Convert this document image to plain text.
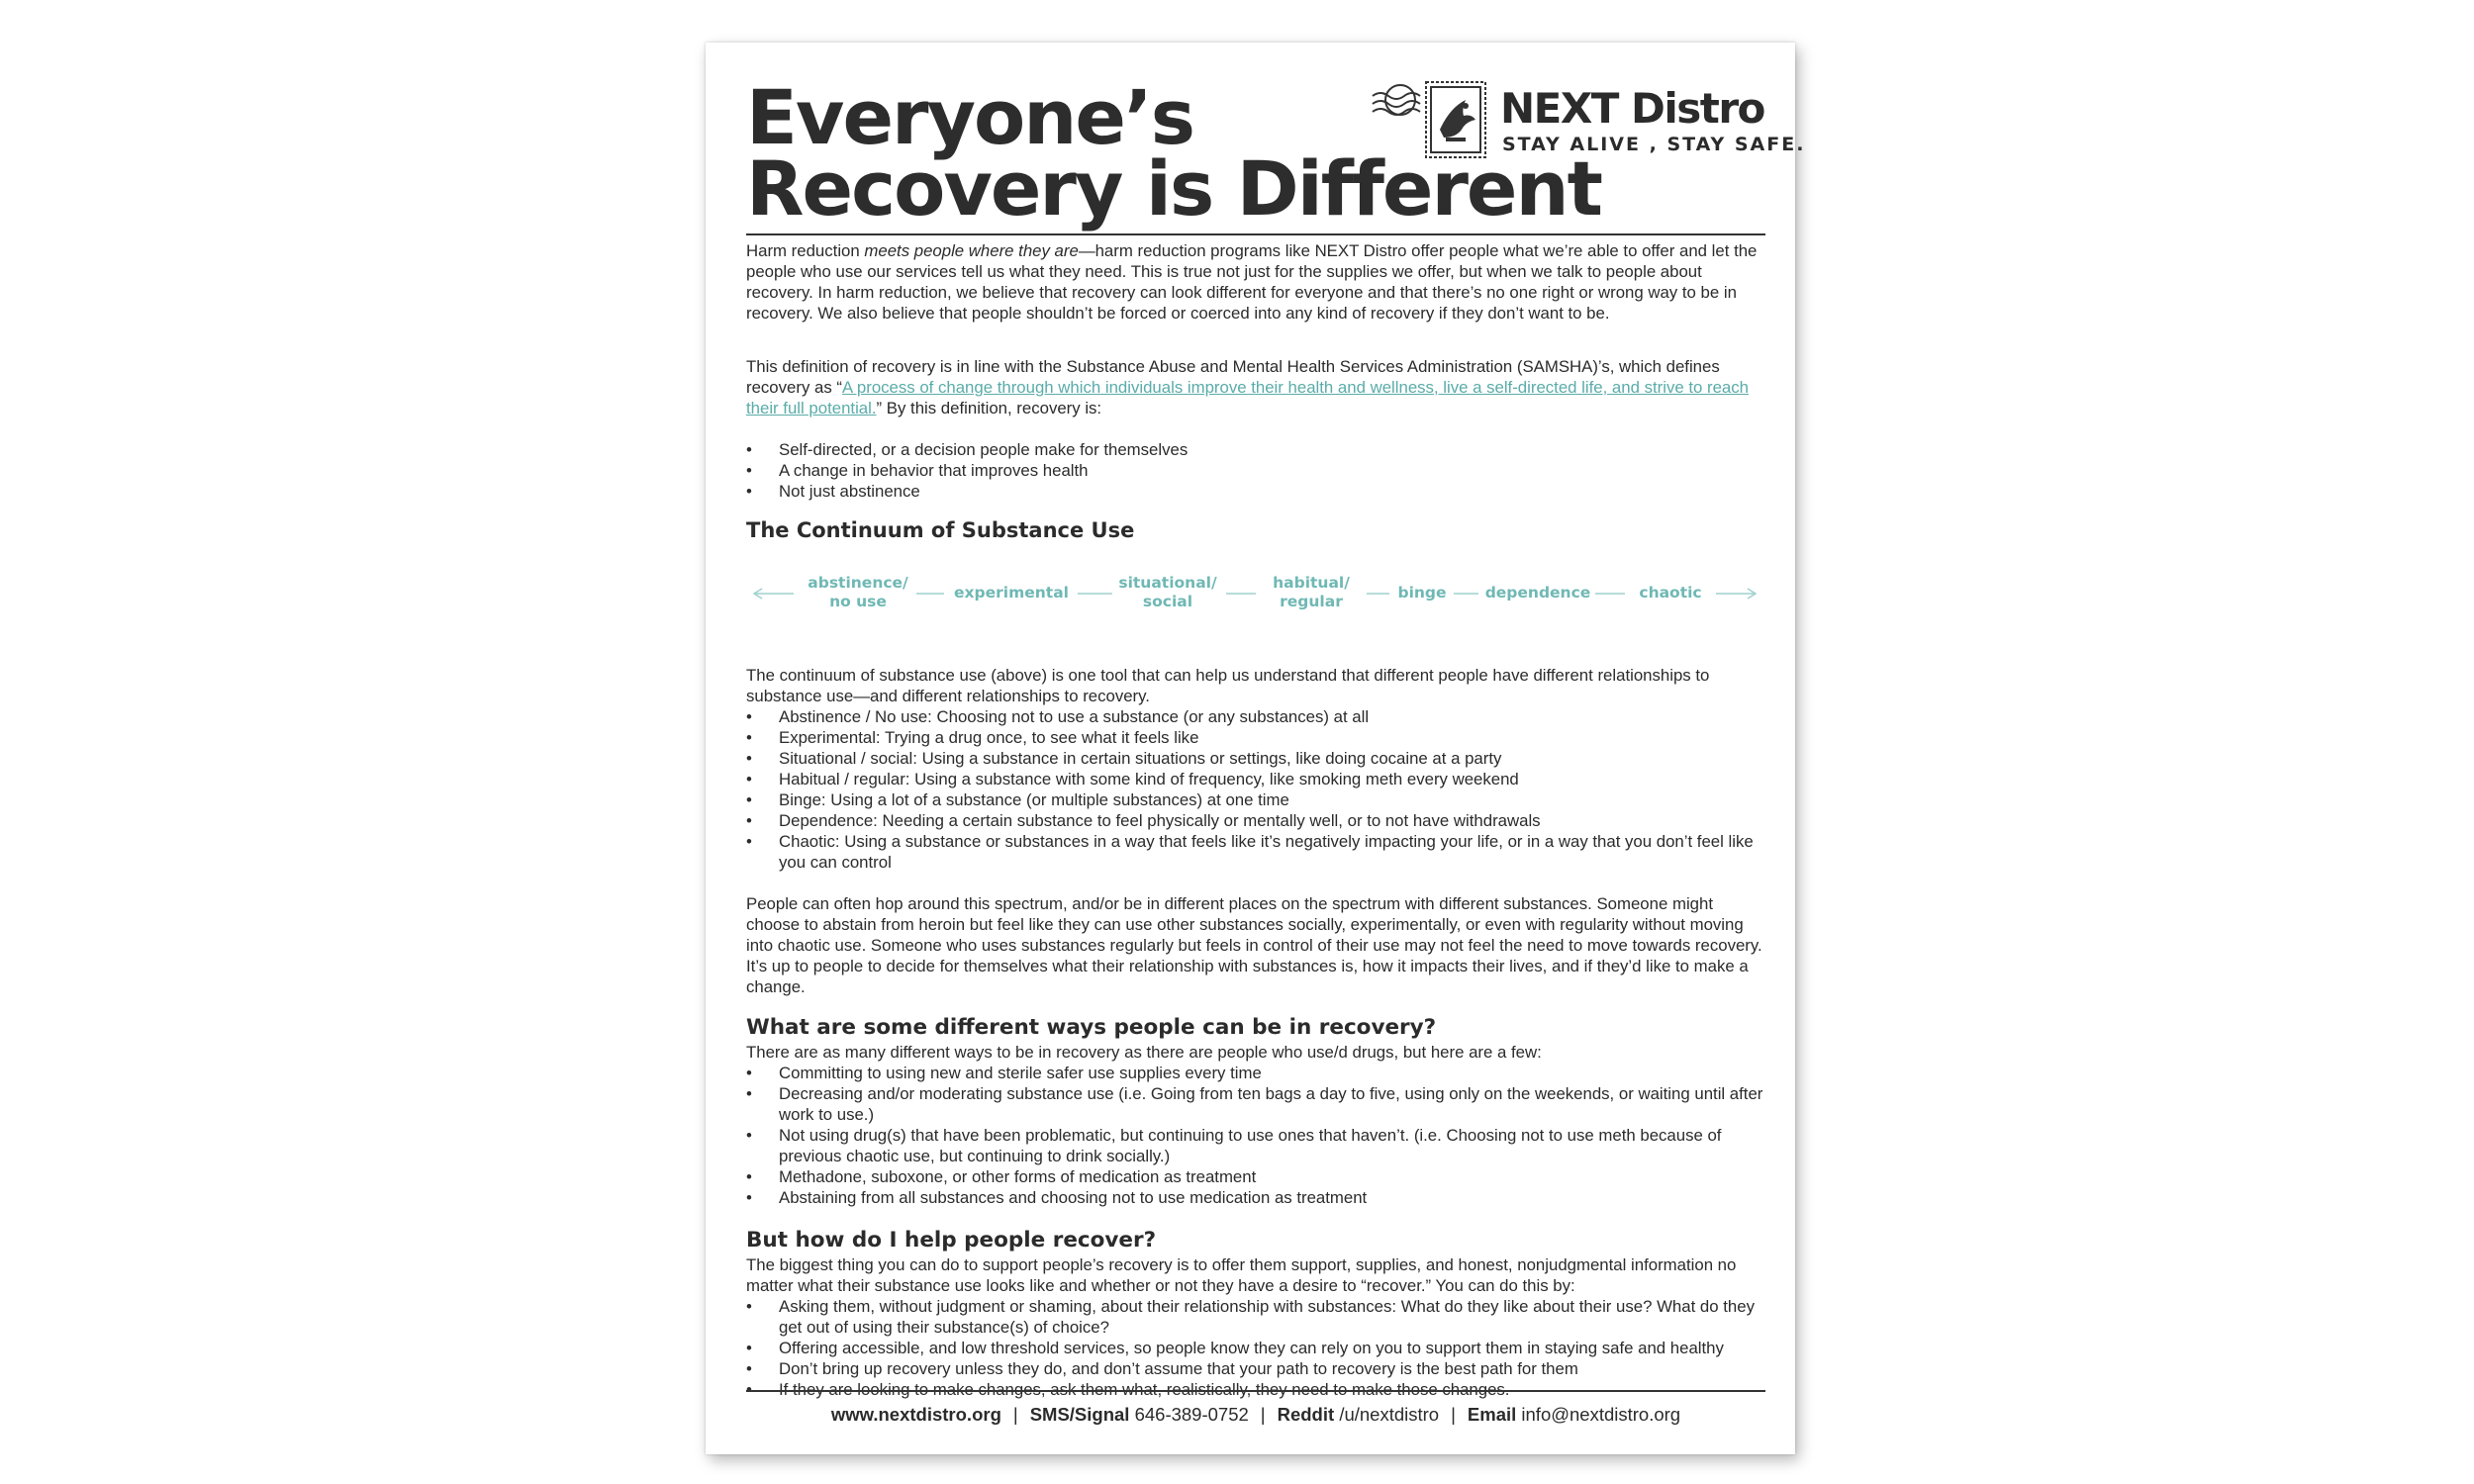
Everyone’s
Recovery is Different
NEXT Distro
STAY ALIVE , STAY SAFE.

Harm reduction meets people where they are—harm reduction programs like NEXT Distro offer people what we’re able to offer and let the people who use our services tell us what they need. This is true not just for the supplies we offer, but when we talk to people about recovery. In harm reduction, we believe that recovery can look different for everyone and that there’s no one right or wrong way to be in recovery. We also believe that people shouldn’t be forced or coerced into any kind of recovery if they don’t want to be.

This definition of recovery is in line with the Substance Abuse and Mental Health Services Administration (SAMSHA)’s, which defines recovery as “A process of change through which individuals improve their health and wellness, live a self-directed life, and strive to reach their full potential.” By this definition, recovery is:

• Self-directed, or a decision people make for themselves
• A change in behavior that improves health
• Not just abstinence
The Continuum of Substance Use
abstinence/
no use	experimental
situational/
social
habitual/
regular	binge	dependence	chaotic

The continuum of substance use (above) is one tool that can help us understand that different people have different relationships to substance use—and different relationships to recovery.

• Abstinence / No use: Choosing not to use a substance (or any substances) at all
• Experimental: Trying a drug once, to see what it feels like
• Situational / social: Using a substance in certain situations or settings, like doing cocaine at a party
• Habitual / regular: Using a substance with some kind of frequency, like smoking meth every weekend
• Binge: Using a lot of a substance (or multiple substances) at one time
• Dependence: Needing a certain substance to feel physically or mentally well, or to not have withdrawals
• Chaotic: Using a substance or substances in a way that feels like it’s negatively impacting your life, or in a way that you don’t feel like you can control

People can often hop around this spectrum, and/or be in different places on the spectrum with different substances. Someone might choose to abstain from heroin but feel like they can use other substances socially, experimentally, or even with regularity without moving into chaotic use. Someone who uses substances regularly but feels in control of their use may not feel the need to move towards recovery. It’s up to people to decide for themselves what their relationship with substances is, how it impacts their lives, and if they’d like to make a change.

What are some different ways people can be in recovery?

There are as many different ways to be in recovery as there are people who use/d drugs, but here are a few:

• Committing to using new and sterile safer use supplies every time
• Decreasing and/or moderating substance use (i.e. Going from ten bags a day to five, using only on the weekends, or waiting until after work to use.)
• Not using drug(s) that have been problematic, but continuing to use ones that haven’t. (i.e. Choosing not to use meth because of previous chaotic use, but continuing to drink socially.)
• Methadone, suboxone, or other forms of medication as treatment
• Abstaining from all substances and choosing not to use medication as treatment
But how do I help people recover?

The biggest thing you can do to support people’s recovery is to offer them support, supplies, and honest, nonjudgmental information no matter what their substance use looks like and whether or not they have a desire to “recover.” You can do this by:

• Asking them, without judgment or shaming, about their relationship with substances: What do they like about their use? What do they get out of using their substance(s) of choice?
• Offering accessible, and low threshold services, so people know they can rely on you to support them in staying safe and healthy
• Don’t bring up recovery unless they do, and don’t assume that your path to recovery is the best path for them
• If they are looking to make changes, ask them what, realistically, they need to make those changes.
www.nextdistro.org | SMS/Signal 646-389-0752 | Reddit /u/nextdistro | Email info@nextdistro.org
